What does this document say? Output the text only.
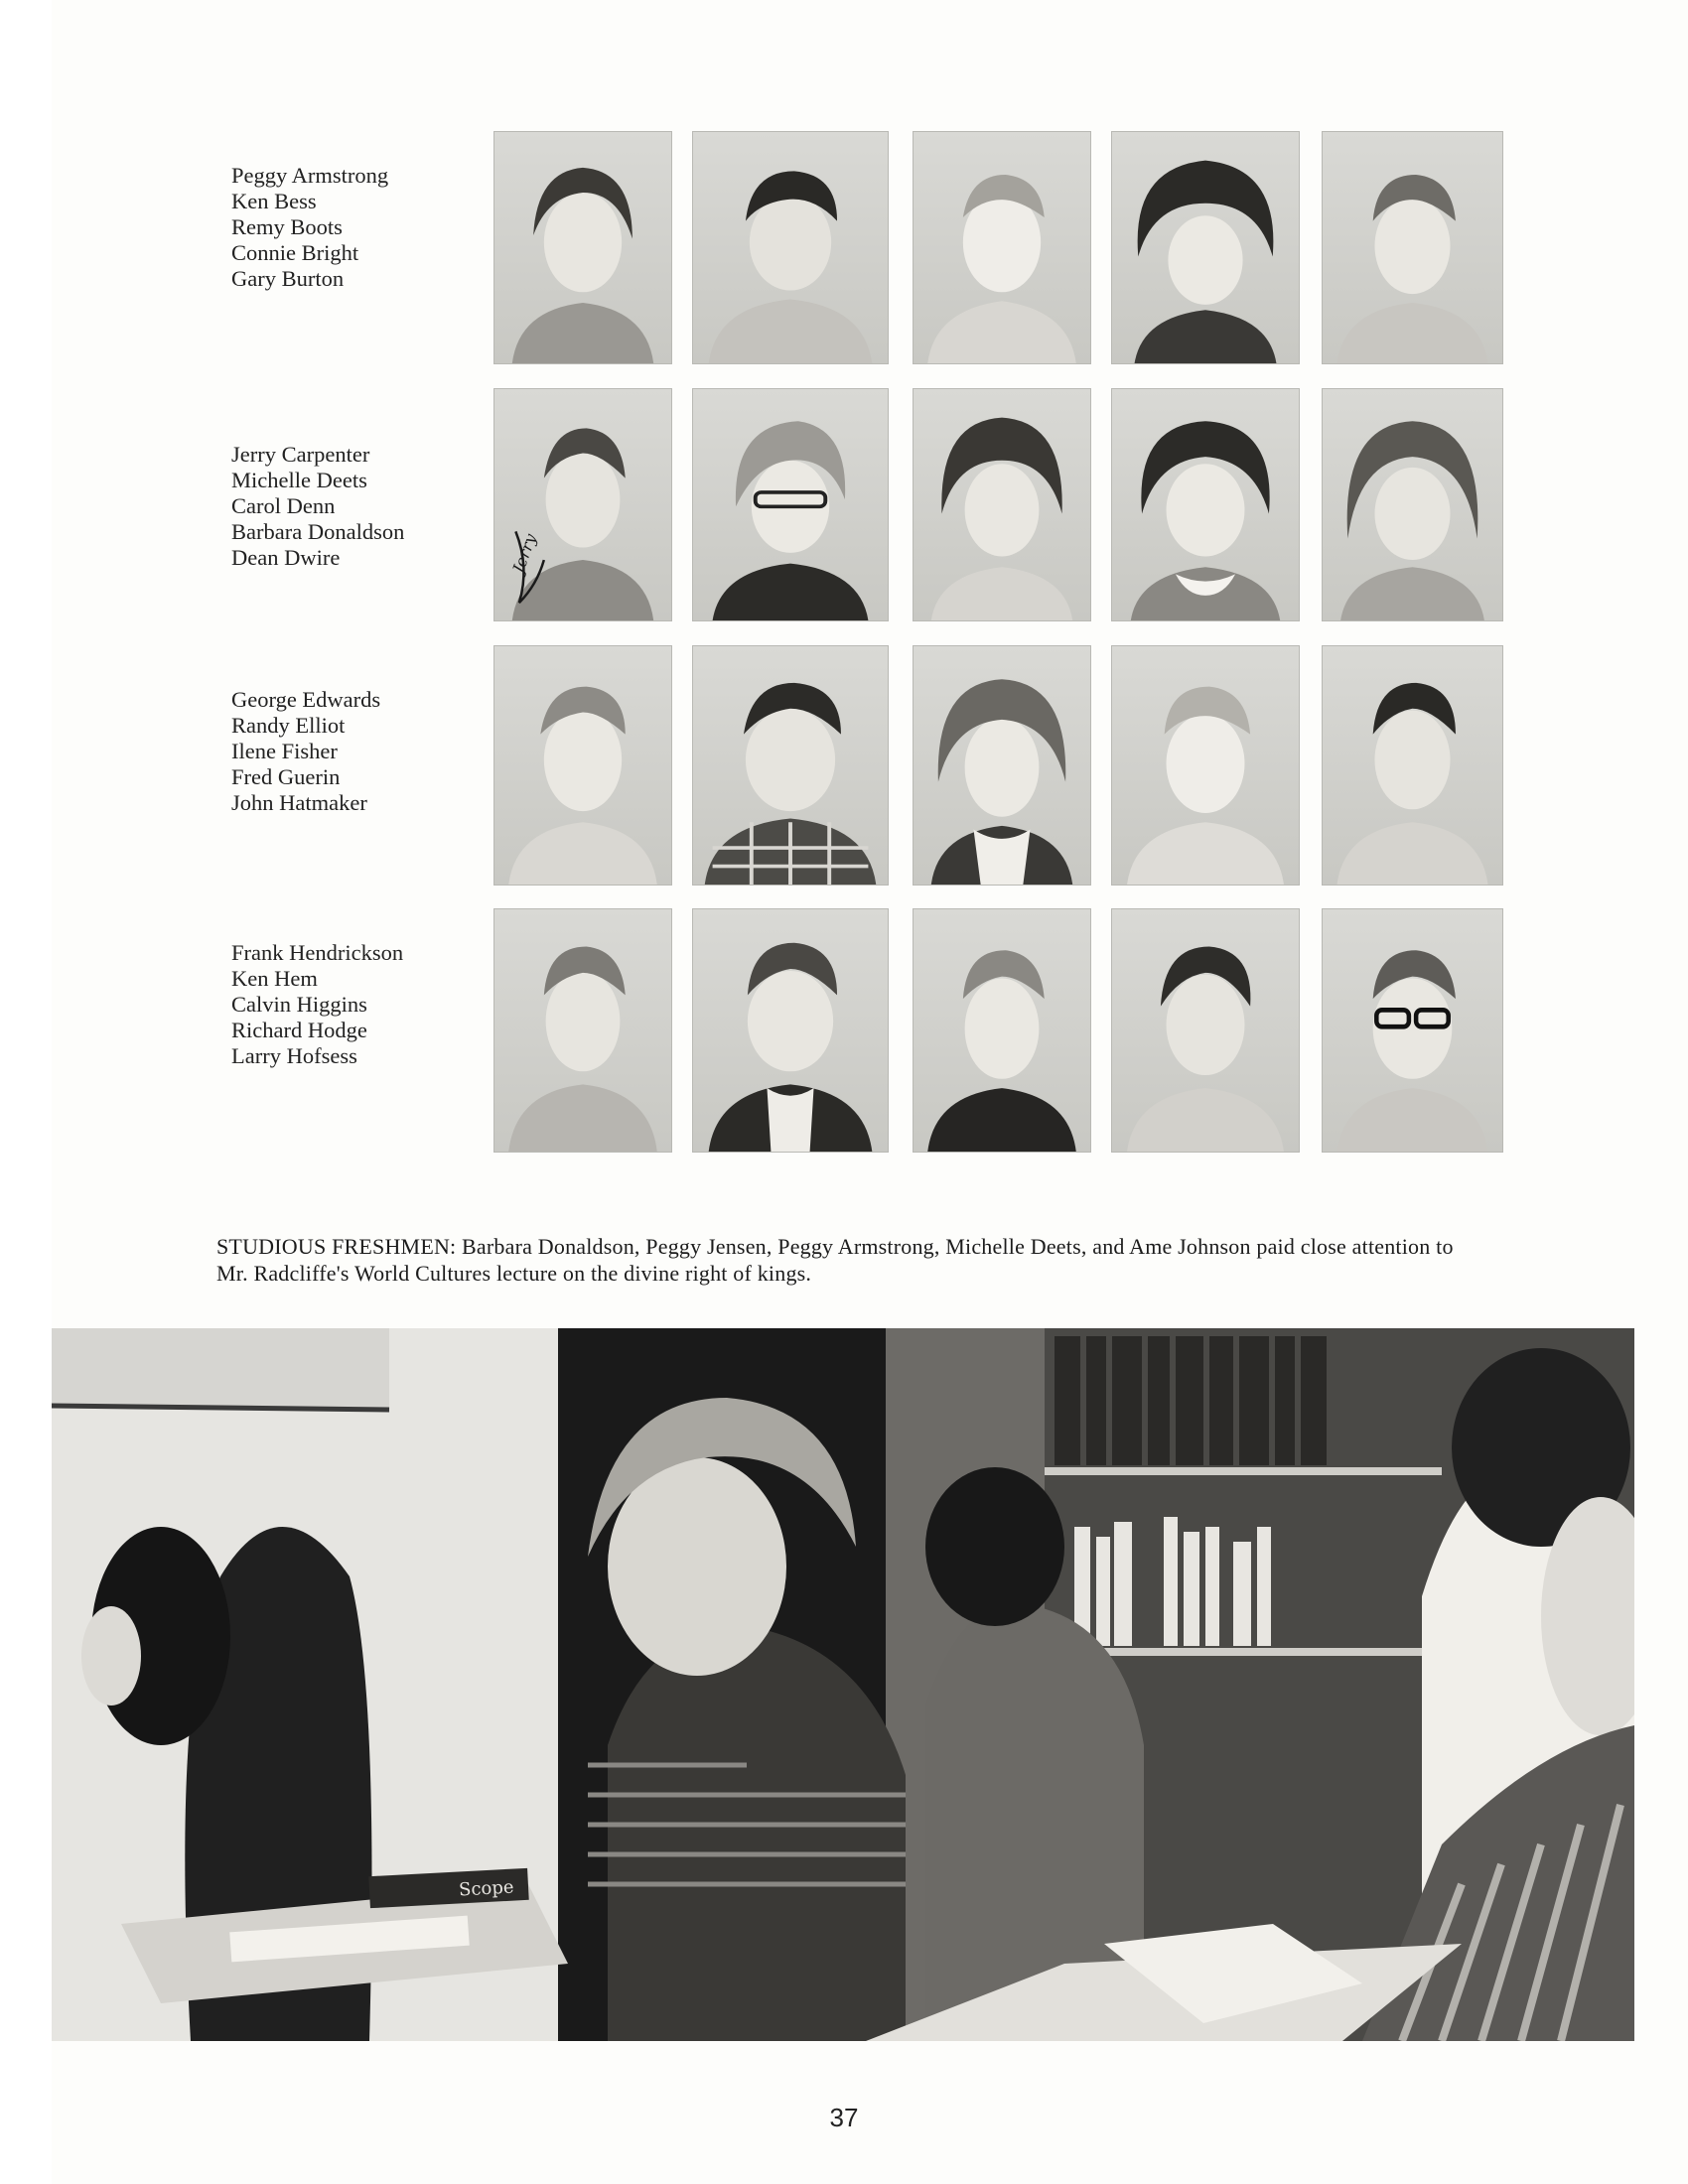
Peggy Armstrong
Ken Bess
Remy Boots
Connie Bright
Gary Burton
Jerry Carpenter
Michelle Deets
Carol Denn
Barbara Donaldson
Dean Dwire
George Edwards
Randy Elliot
Ilene Fisher
Fred Guerin
John Hatmaker
Frank Hendrickson
Ken Hem
Calvin Higgins
Richard Hodge
Larry Hofsess
Jerry
STUDIOUS FRESHMEN: Barbara Donaldson, Peggy Jensen, Peggy Armstrong, Michelle Deets, and Ame Johnson paid close attention to Mr. Radcliffe's World Cultures lecture on the divine right of kings.
Scope
37
